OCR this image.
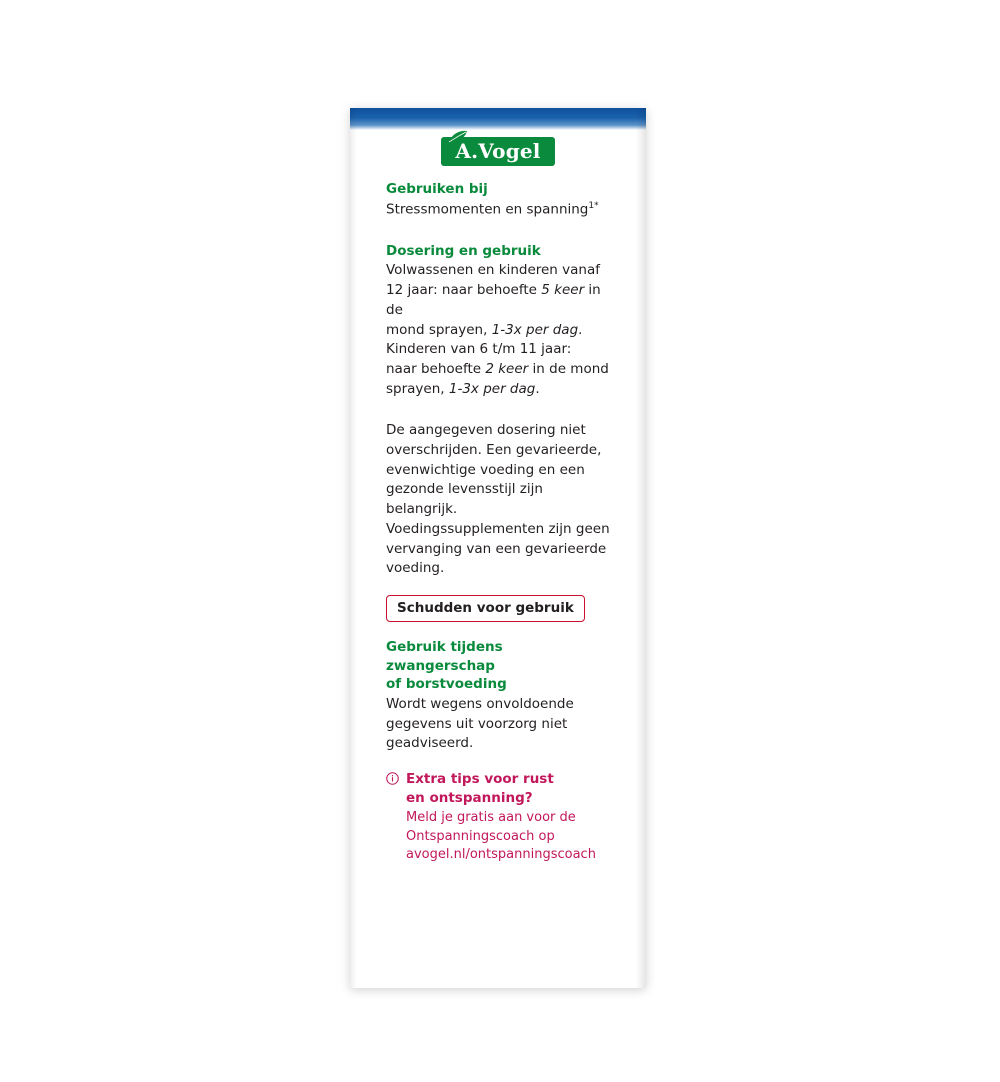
A.Vogel

Gebruiken bij

Stressmomenten en spanning$^{1*}$

Dosering en gebruik

Volwassenen en kinderen vanaf
12 jaar: naar behoefte 5 keer in de
mond sprayen, 1-3x per dag.
Kinderen van 6 t/m 11 jaar:
naar behoefte 2 keer in de mond
sprayen, 1-3x per dag.

De aangegeven dosering niet overschrijden. Een gevarieerde, evenwichtige voeding en een gezonde levensstijl zijn belangrijk. Voedingssupplementen zijn geen vervanging van een gevarieerde voeding.

Schudden voor gebruik

Gebruik tijdens zwangerschap
of borstvoeding

Wordt wegens onvoldoende gegevens uit voorzorg niet geadviseerd.

Extra tips voor rust
en ontspanning?

Meld je gratis aan voor de
Ontspanningscoach op
avogel.nl/ontspanningscoach
